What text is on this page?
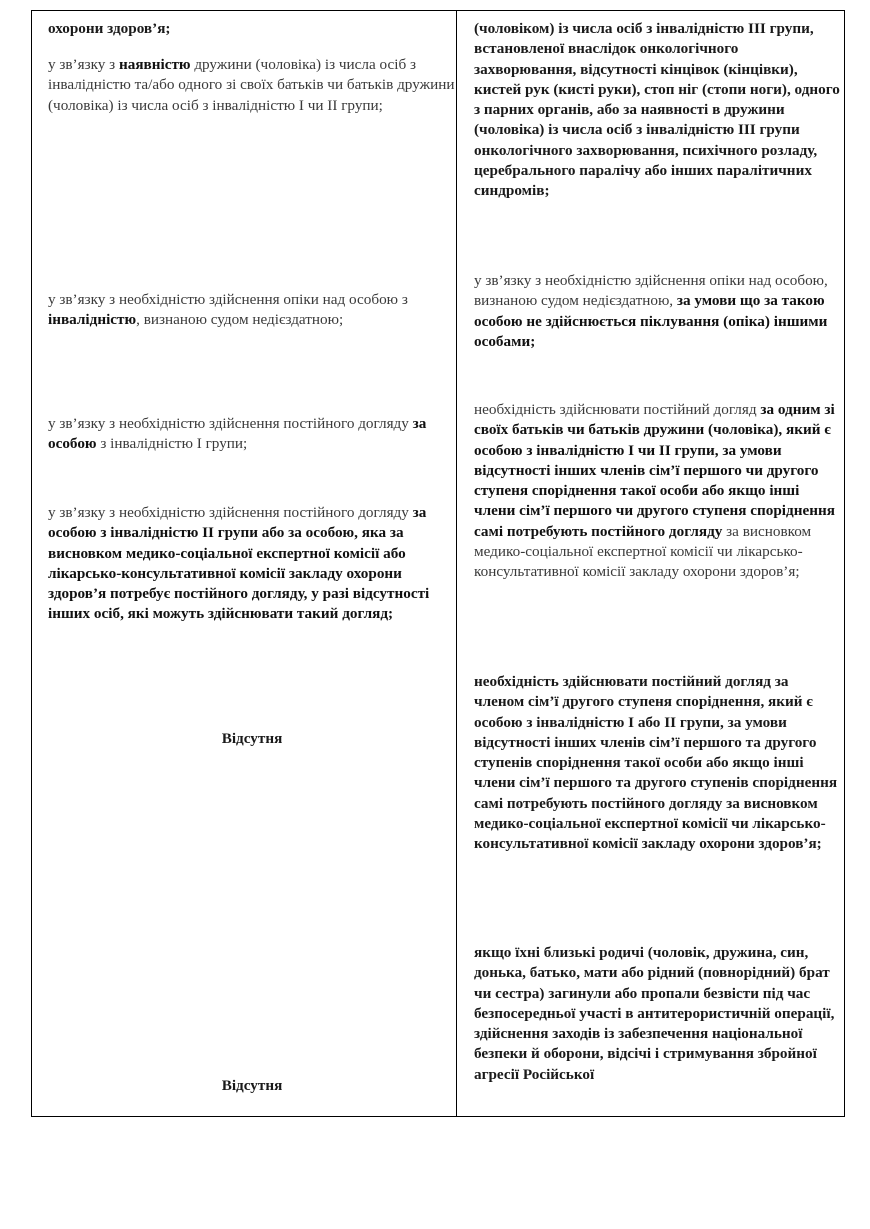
охорони здоров’я;

у зв’язку з наявністю дружини (чоловіка) із числа осіб з інвалідністю та/або одного зі своїх батьків чи батьків дружини (чоловіка) із числа осіб з інвалідністю I чи II групи;

у зв’язку з необхідністю здійснення опіки над особою з інвалідністю, визнаною судом недієздатною;

у зв’язку з необхідністю здійснення постійного догляду за особою з інвалідністю I групи;

у зв’язку з необхідністю здійснення постійного догляду за особою з інвалідністю II групи або за особою, яка за висновком медико-соціальної експертної комісії або лікарсько-консультативної комісії закладу охорони здоров’я потребує постійного догляду, у разі відсутності інших осіб, які можуть здійснювати такий догляд;

Відсутня

Відсутня

(чоловіком) із числа осіб з інвалідністю III групи, встановленої внаслідок онкологічного захворювання, відсутності кінцівок (кінцівки), кистей рук (кисті руки), стоп ніг (стопи ноги), одного з парних органів, або за наявності в дружини (чоловіка) із числа осіб з інвалідністю III групи онкологічного захворювання, психічного розладу, церебрального паралічу або інших паралітичних синдромів;

у зв’язку з необхідністю здійснення опіки над особою, визнаною судом недієздатною, за умови що за такою особою не здійснюється піклування (опіка) іншими особами;

необхідність здійснювати постійний догляд за одним зі своїх батьків чи батьків дружини (чоловіка), який є особою з інвалідністю I чи II групи, за умови відсутності інших членів сім’ї першого чи другого ступеня споріднення такої особи або якщо інші члени сім’ї першого чи другого ступеня споріднення самі потребують постійного догляду за висновком медико-соціальної експертної комісії чи лікарсько-консультативної комісії закладу охорони здоров’я;

необхідність здійснювати постійний догляд за членом сім’ї другого ступеня споріднення, який є особою з інвалідністю I або II групи, за умови відсутності інших членів сім’ї першого та другого ступенів споріднення такої особи або якщо інші члени сім’ї першого та другого ступенів споріднення самі потребують постійного догляду за висновком медико-соціальної експертної комісії чи лікарсько-консультативної комісії закладу охорони здоров’я;

якщо їхні близькі родичі (чоловік, дружина, син, донька, батько, мати або рідний (повнорідний) брат чи сестра) загинули або пропали безвісти під час безпосередньої участі в антитерористичній операції, здійснення заходів із забезпечення національної безпеки й оборони, відсічі і стримування збройної агресії Російської
